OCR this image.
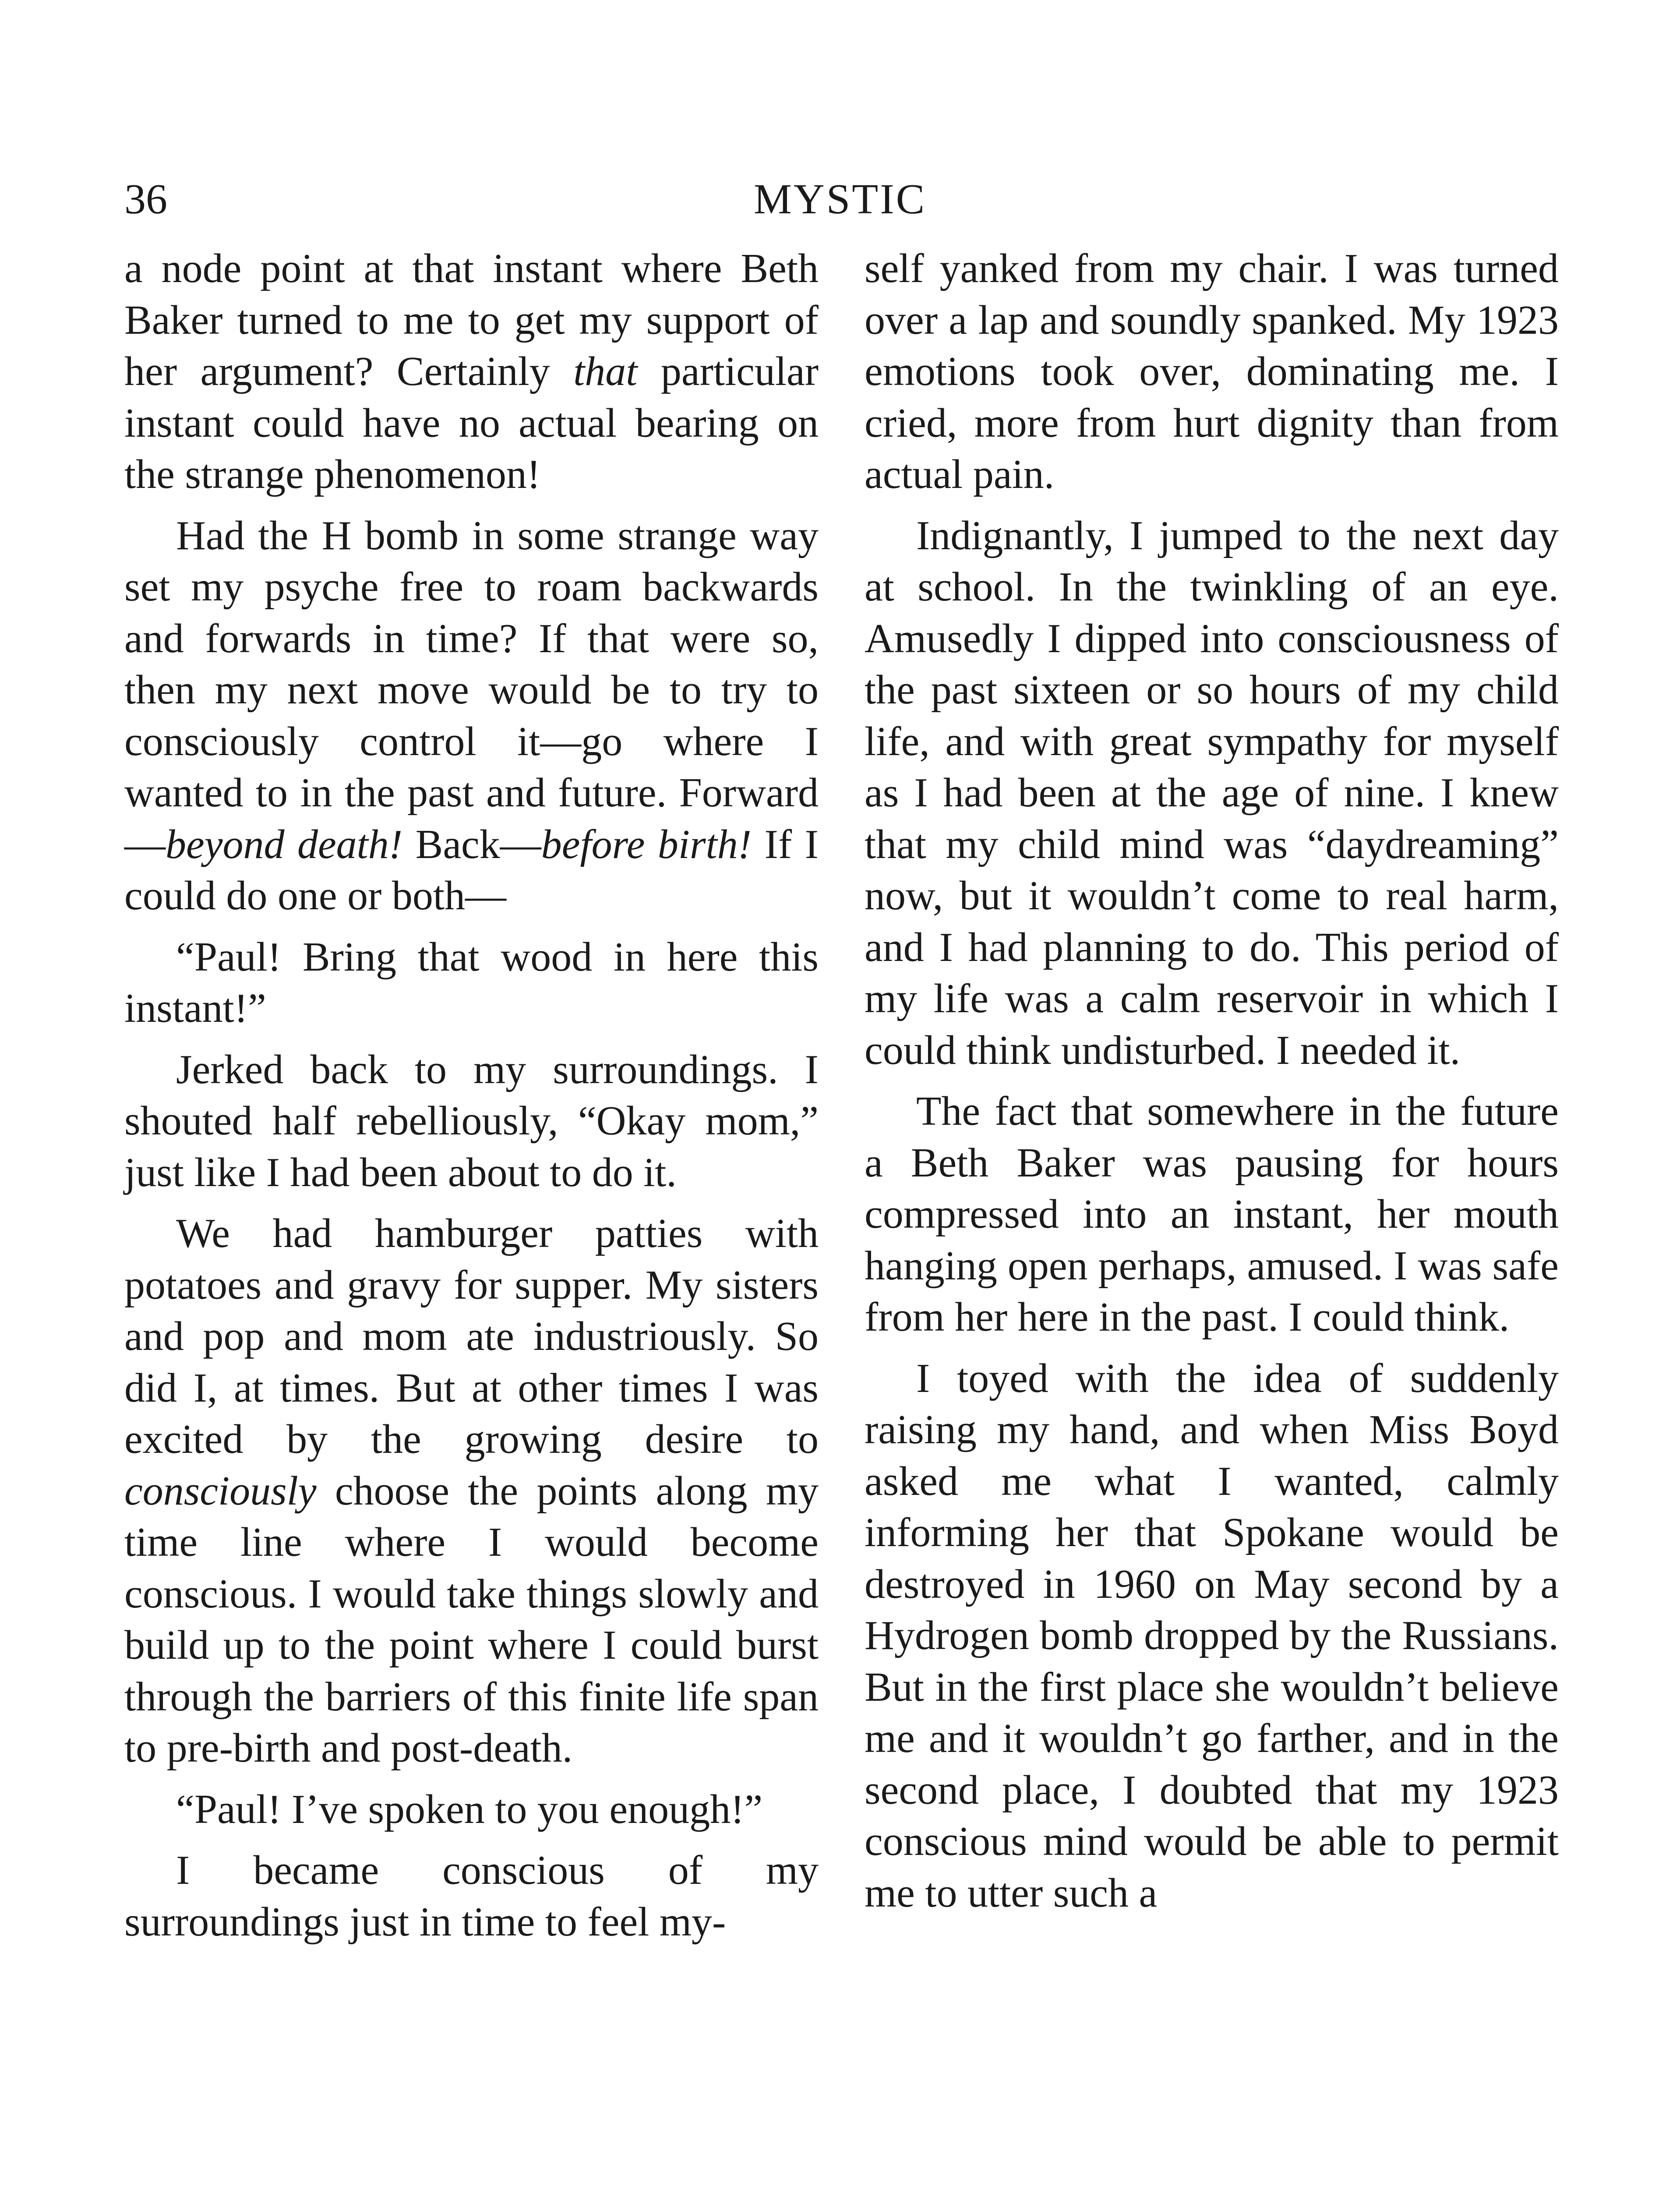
36	MYSTIC

a node point at that instant where Beth Baker turned to me to get my support of her argument? Certainly that particular instant could have no actual bearing on the strange phenomenon!

Had the H bomb in some strange way set my psyche free to roam backwards and forwards in time? If that were so, then my next move would be to try to consciously control it—go where I wanted to in the past and future. Forward—beyond death! Back—before birth! If I could do one or both—

“Paul! Bring that wood in here this instant!”

Jerked back to my surroundings. I shouted half rebelliously, “Okay mom,” just like I had been about to do it.

We had hamburger patties with potatoes and gravy for supper. My sisters and pop and mom ate industriously. So did I, at times. But at other times I was excited by the growing desire to consciously choose the points along my time line where I would become conscious. I would take things slowly and build up to the point where I could burst through the barriers of this finite life span to pre-birth and post-death.

“Paul! I’ve spoken to you enough!”

I became conscious of my surroundings just in time to feel my-

self yanked from my chair. I was turned over a lap and soundly spanked. My 1923 emotions took over, dominating me. I cried, more from hurt dignity than from actual pain.

Indignantly, I jumped to the next day at school. In the twinkling of an eye. Amusedly I dipped into consciousness of the past sixteen or so hours of my child life, and with great sympathy for myself as I had been at the age of nine. I knew that my child mind was “daydreaming” now, but it wouldn’t come to real harm, and I had planning to do. This period of my life was a calm reservoir in which I could think undisturbed. I needed it.

The fact that somewhere in the future a Beth Baker was pausing for hours compressed into an instant, her mouth hanging open perhaps, amused. I was safe from her here in the past. I could think.

I toyed with the idea of suddenly raising my hand, and when Miss Boyd asked me what I wanted, calmly informing her that Spokane would be destroyed in 1960 on May second by a Hydrogen bomb dropped by the Russians. But in the first place she wouldn’t believe me and it wouldn’t go farther, and in the second place, I doubted that my 1923 conscious mind would be able to permit me to utter such a
